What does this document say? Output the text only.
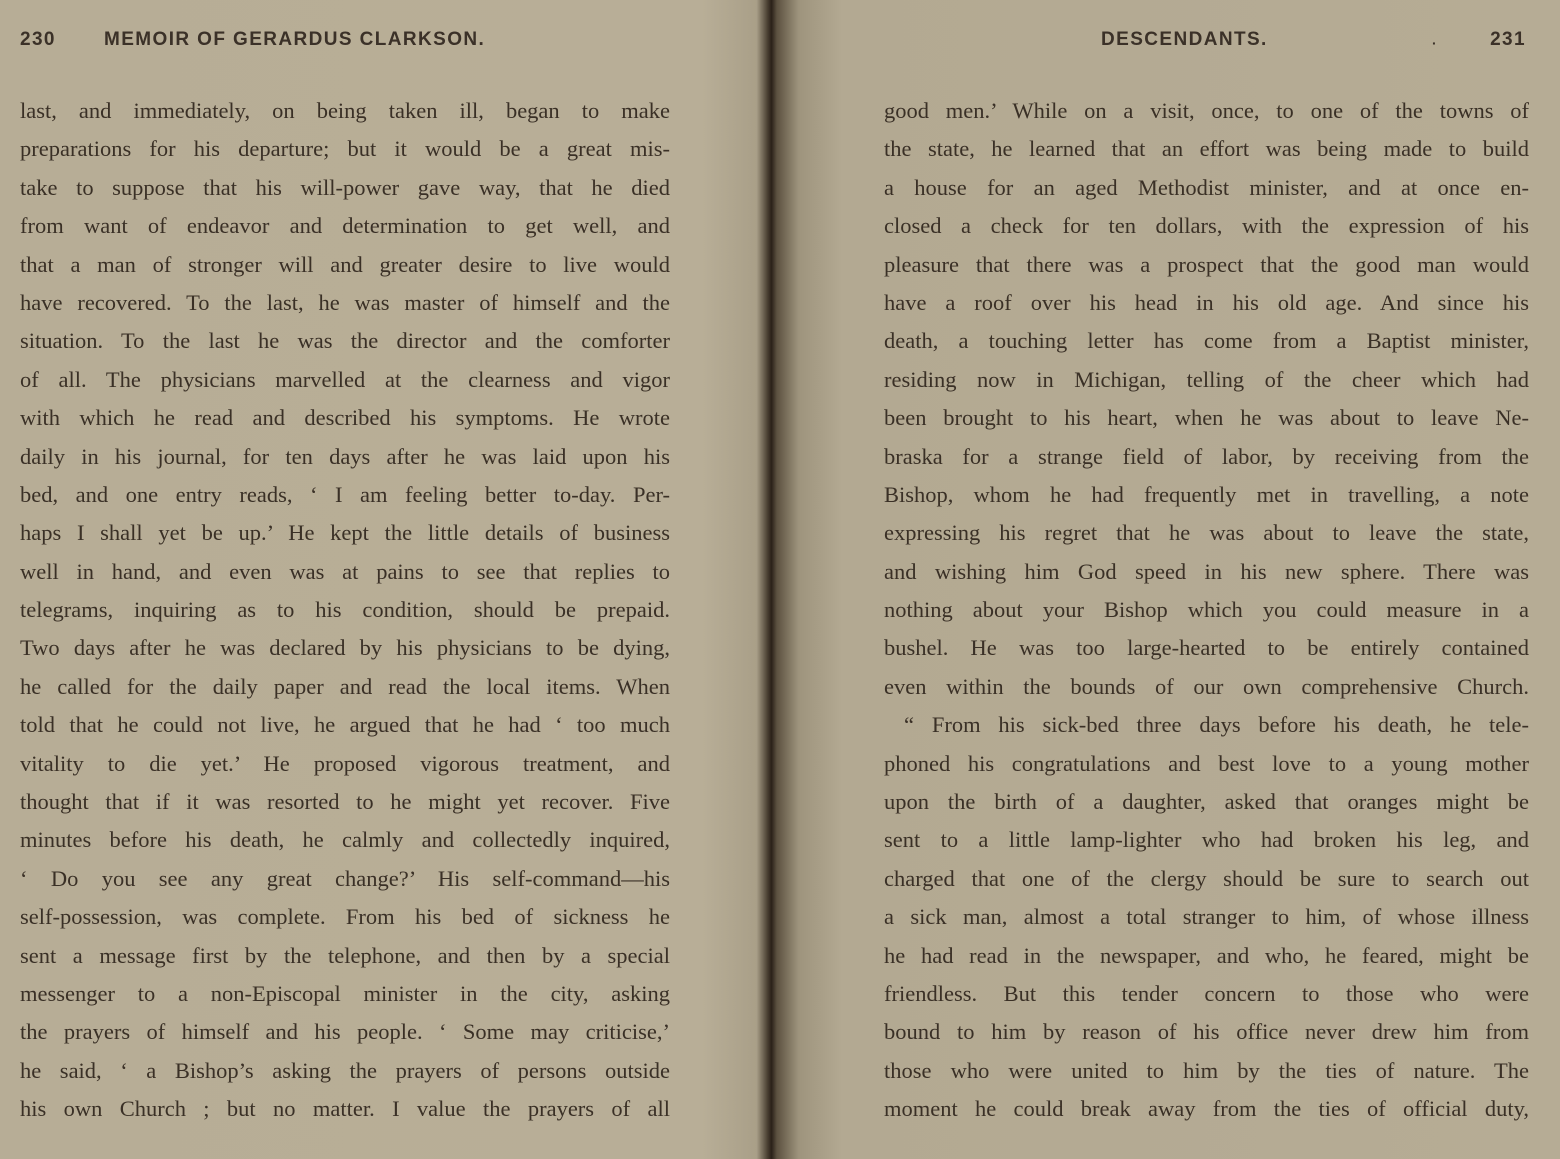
230	MEMOIR OF GERARDUS CLARKSON.
last, and immediately, on being taken ill, began to make
preparations for his departure; but it would be a great mis-
take to suppose that his will-power gave way, that he died
from want of endeavor and determination to get well, and
that a man of stronger will and greater desire to live would
have recovered. To the last, he was master of himself and the
situation. To the last he was the director and the comforter
of all. The physicians marvelled at the clearness and vigor
with which he read and described his symptoms. He wrote
daily in his journal, for ten days after he was laid upon his
bed, and one entry reads, ‘ I am feeling better to-day. Per-
haps I shall yet be up.’ He kept the little details of business
well in hand, and even was at pains to see that replies to
telegrams, inquiring as to his condition, should be prepaid.
Two days after he was declared by his physicians to be dying,
he called for the daily paper and read the local items. When
told that he could not live, he argued that he had ‘ too much
vitality to die yet.’ He proposed vigorous treatment, and
thought that if it was resorted to he might yet recover. Five
minutes before his death, he calmly and collectedly inquired,
‘ Do you see any great change?’ His self-command—his
self-possession, was complete. From his bed of sickness he
sent a message first by the telephone, and then by a special
messenger to a non-Episcopal minister in the city, asking
the prayers of himself and his people. ‘ Some may criticise,’
he said, ‘ a Bishop’s asking the prayers of persons outside
his own Church ; but no matter. I value the prayers of all
DESCENDANTS.	·	231
good men.’ While on a visit, once, to one of the towns of
the state, he learned that an effort was being made to build
a house for an aged Methodist minister, and at once en-
closed a check for ten dollars, with the expression of his
pleasure that there was a prospect that the good man would
have a roof over his head in his old age. And since his
death, a touching letter has come from a Baptist minister,
residing now in Michigan, telling of the cheer which had
been brought to his heart, when he was about to leave Ne-
braska for a strange field of labor, by receiving from the
Bishop, whom he had frequently met in travelling, a note
expressing his regret that he was about to leave the state,
and wishing him God speed in his new sphere. There was
nothing about your Bishop which you could measure in a
bushel. He was too large-hearted to be entirely contained
even within the bounds of our own comprehensive Church.
“ From his sick-bed three days before his death, he tele-
phoned his congratulations and best love to a young mother
upon the birth of a daughter, asked that oranges might be
sent to a little lamp-lighter who had broken his leg, and
charged that one of the clergy should be sure to search out
a sick man, almost a total stranger to him, of whose illness
he had read in the newspaper, and who, he feared, might be
friendless. But this tender concern to those who were
bound to him by reason of his office never drew him from
those who were united to him by the ties of nature. The
moment he could break away from the ties of official duty,
